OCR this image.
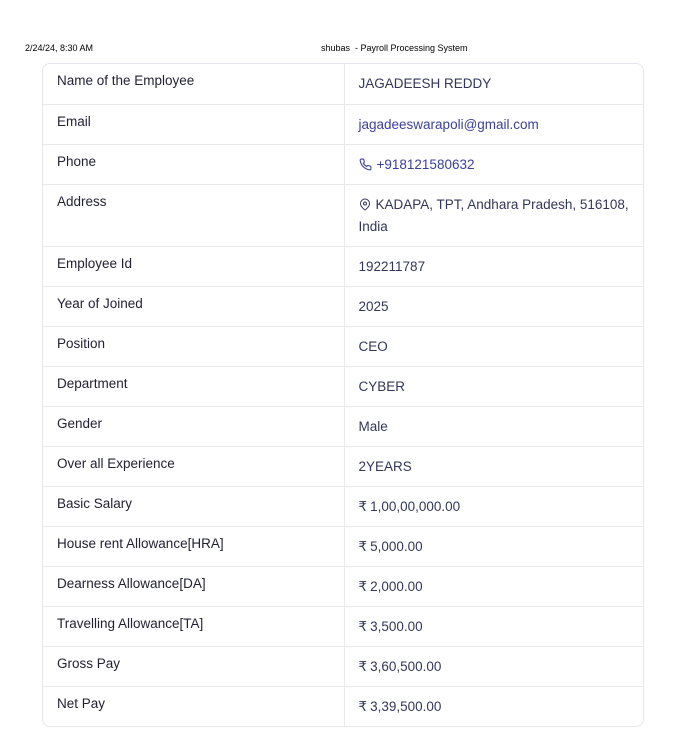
2/24/24, 8:30 AM	shubas  - Payroll Processing System
Name of the Employee	JAGADEESH REDDY
Email	jagadeeswarapoli@gmail.com
Phone	+918121580632
Address	KADAPA, TPT, Andhara Pradesh, 516108, India
Employee Id	192211787
Year of Joined	2025
Position	CEO
Department	CYBER
Gender	Male
Over all Experience	2YEARS
Basic Salary	₹ 1,00,00,000.00
House rent Allowance[HRA]	₹ 5,000.00
Dearness Allowance[DA]	₹ 2,000.00
Travelling Allowance[TA]	₹ 3,500.00
Gross Pay	₹ 3,60,500.00
Net Pay	₹ 3,39,500.00
